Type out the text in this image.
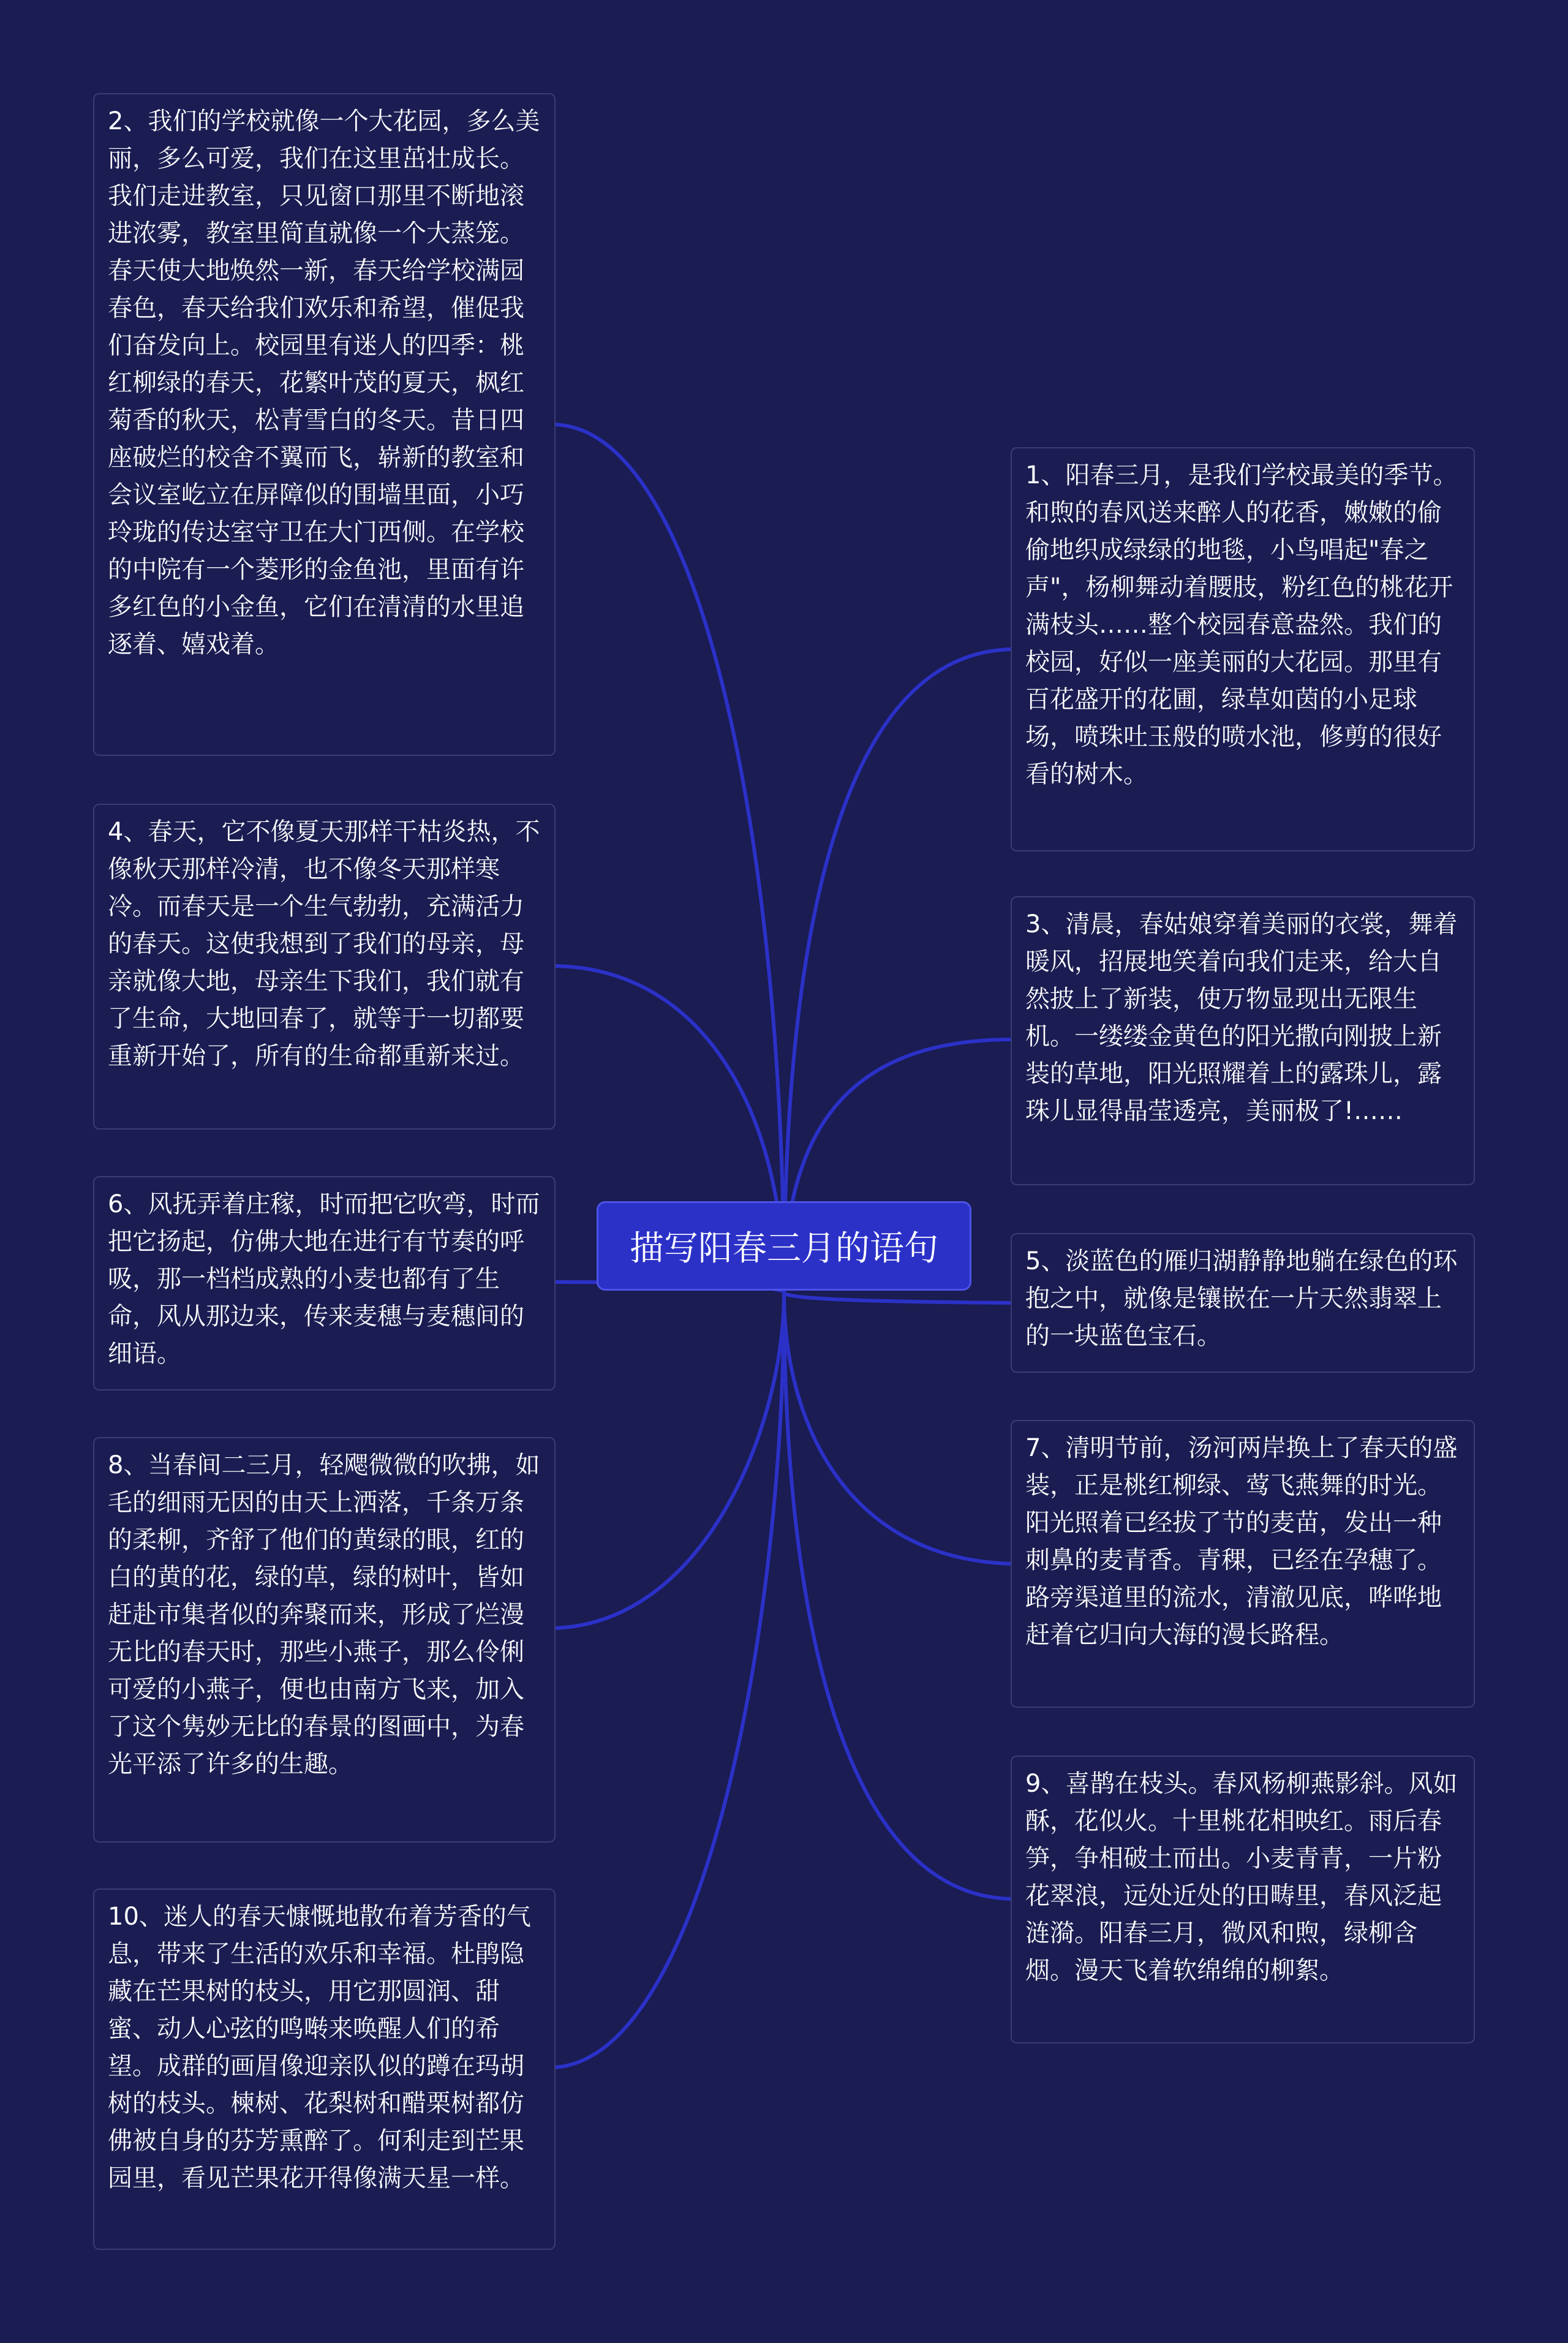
描写阳春三月的语句
2、我们的学校就像一个大花园，多么美丽，多么可爱，我们在这里茁壮成长。我们走进教室，只见窗口那里不断地滚进浓雾，教室里简直就像一个大蒸笼。春天使大地焕然一新，春天给学校满园春色，春天给我们欢乐和希望，催促我们奋发向上。校园里有迷人的四季：桃红柳绿的春天，花繁叶茂的夏天，枫红菊香的秋天，松青雪白的冬天。昔日四座破烂的校舍不翼而飞，崭新的教室和会议室屹立在屏障似的围墙里面，小巧玲珑的传达室守卫在大门西侧。在学校的中院有一个菱形的金鱼池，里面有许多红色的小金鱼，它们在清清的水里追逐着、嬉戏着。
4、春天，它不像夏天那样干枯炎热，不像秋天那样冷清，也不像冬天那样寒冷。而春天是一个生气勃勃，充满活力的春天。这使我想到了我们的母亲，母亲就像大地，母亲生下我们，我们就有了生命，大地回春了，就等于一切都要重新开始了，所有的生命都重新来过。
6、风抚弄着庄稼，时而把它吹弯，时而把它扬起，仿佛大地在进行有节奏的呼吸，那一档档成熟的小麦也都有了生命，风从那边来，传来麦穗与麦穗间的细语。
8、当春间二三月，轻飔微微的吹拂，如毛的细雨无因的由天上洒落，千条万条的柔柳，齐舒了他们的黄绿的眼，红的白的黄的花，绿的草，绿的树叶，皆如赶赴市集者似的奔聚而来，形成了烂漫无比的春天时，那些小燕子，那么伶俐可爱的小燕子，便也由南方飞来，加入了这个隽妙无比的春景的图画中，为春光平添了许多的生趣。
10、迷人的春天慷慨地散布着芳香的气息，带来了生活的欢乐和幸福。杜鹃隐藏在芒果树的枝头，用它那圆润、甜蜜、动人心弦的鸣啭来唤醒人们的希望。成群的画眉像迎亲队似的蹲在玛胡树的枝头。楝树、花梨树和醋栗树都仿佛被自身的芬芳熏醉了。何利走到芒果园里，看见芒果花开得像满天星一样。
1、阳春三月，是我们学校最美的季节。和煦的春风送来醉人的花香，嫩嫩的偷偷地织成绿绿的地毯，小鸟唱起"春之声"，杨柳舞动着腰肢，粉红色的桃花开满枝头……整个校园春意盎然。我们的校园，好似一座美丽的大花园。那里有百花盛开的花圃，绿草如茵的小足球场，喷珠吐玉般的喷水池，修剪的很好看的树木。
3、清晨，春姑娘穿着美丽的衣裳，舞着暖风，招展地笑着向我们走来，给大自然披上了新装，使万物显现出无限生机。一缕缕金黄色的阳光撒向刚披上新装的草地，阳光照耀着上的露珠儿，露珠儿显得晶莹透亮，美丽极了!……
5、淡蓝色的雁归湖静静地躺在绿色的环抱之中，就像是镶嵌在一片天然翡翠上的一块蓝色宝石。
7、清明节前，汤河两岸换上了春天的盛装，正是桃红柳绿、莺飞燕舞的时光。阳光照着已经拔了节的麦苗，发出一种刺鼻的麦青香。青稞，已经在孕穗了。路旁渠道里的流水，清澈见底，哗哗地赶着它归向大海的漫长路程。
9、喜鹊在枝头。春风杨柳燕影斜。风如酥，花似火。十里桃花相映红。雨后春笋，争相破土而出。小麦青青，一片粉花翠浪，远处近处的田畴里，春风泛起涟漪。阳春三月，微风和煦，绿柳含烟。漫天飞着软绵绵的柳絮。
